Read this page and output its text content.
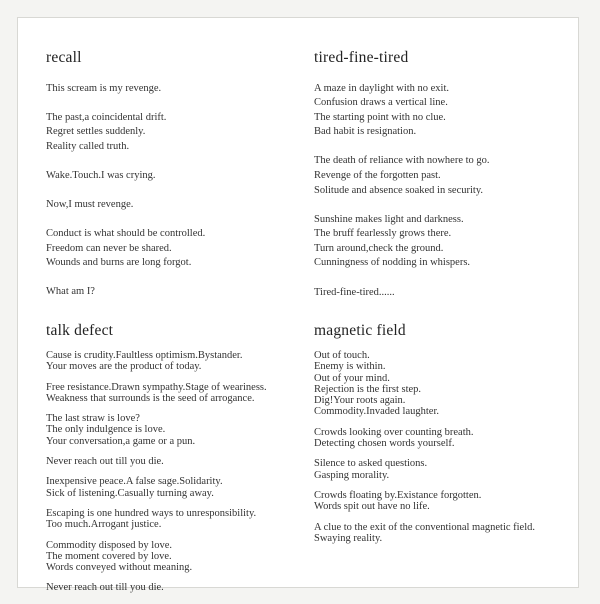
recall
This scream is my revenge.
The past,a coincidental drift.
Regret settles suddenly.
Reality called truth.
Wake.Touch.I was crying.
Now,I must revenge.
Conduct is what should be controlled.
Freedom can never be shared.
Wounds and burns are long forgot.
What am I?
tired-fine-tired
A maze in daylight with no exit.
Confusion draws a vertical line.
The starting point with no clue.
Bad habit is resignation.
The death of reliance with nowhere to go.
Revenge of the forgotten past.
Solitude and absence soaked in security.
Sunshine makes light and darkness.
The bruff fearlessly grows there.
Turn around,check the ground.
Cunningness of nodding in whispers.
Tired-fine-tired......
talk defect
Cause is crudity.Faultless optimism.Bystander.
Your moves are the product of today.
Free resistance.Drawn sympathy.Stage of weariness.
Weakness that surrounds is the seed of arrogance.
The last straw is love?
The only indulgence is love.
Your conversation,a game or a pun.
Never reach out till you die.
Inexpensive peace.A false sage.Solidarity.
Sick of listening.Casually turning away.
Escaping is one hundred ways to unresponsibility.
Too much.Arrogant justice.
Commodity disposed by love.
The moment covered by love.
Words conveyed without meaning.
Never reach out till you die.
magnetic field
Out of touch.
Enemy is within.
Out of your mind.
Rejection is the first step.
Dig!Your roots again.
Commodity.Invaded laughter.
Crowds looking over counting breath.
Detecting chosen words yourself.
Silence to asked questions.
Gasping morality.
Crowds floating by.Existance forgotten.
Words spit out have no life.
A clue to the exit of the conventional magnetic field.
Swaying reality.
